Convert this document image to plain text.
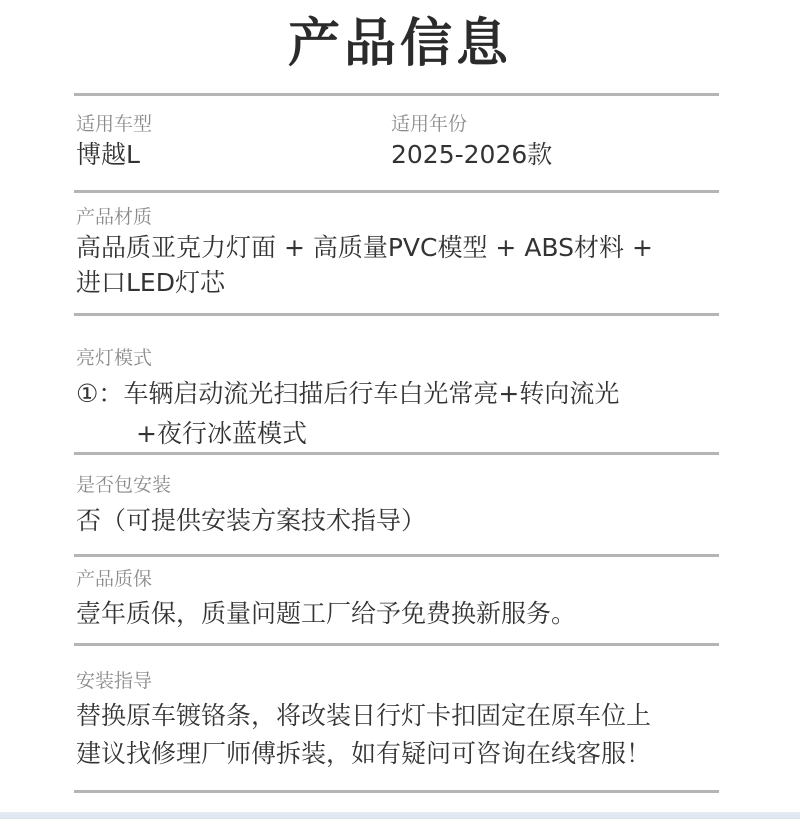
产品信息
适用车型
博越L
适用年份
2025-2026款
产品材质
高品质亚克力灯面 + 高质量PVC模型 + ABS材料 +
进口LED灯芯
亮灯模式
①：车辆启动流光扫描后行车白光常亮+转向流光
+夜行冰蓝模式
是否包安装
否（可提供安装方案技术指导）
产品质保
壹年质保，质量问题工厂给予免费换新服务。
安装指导
替换原车镀铬条，将改装日行灯卡扣固定在原车位上
建议找修理厂师傅拆装，如有疑问可咨询在线客服！
